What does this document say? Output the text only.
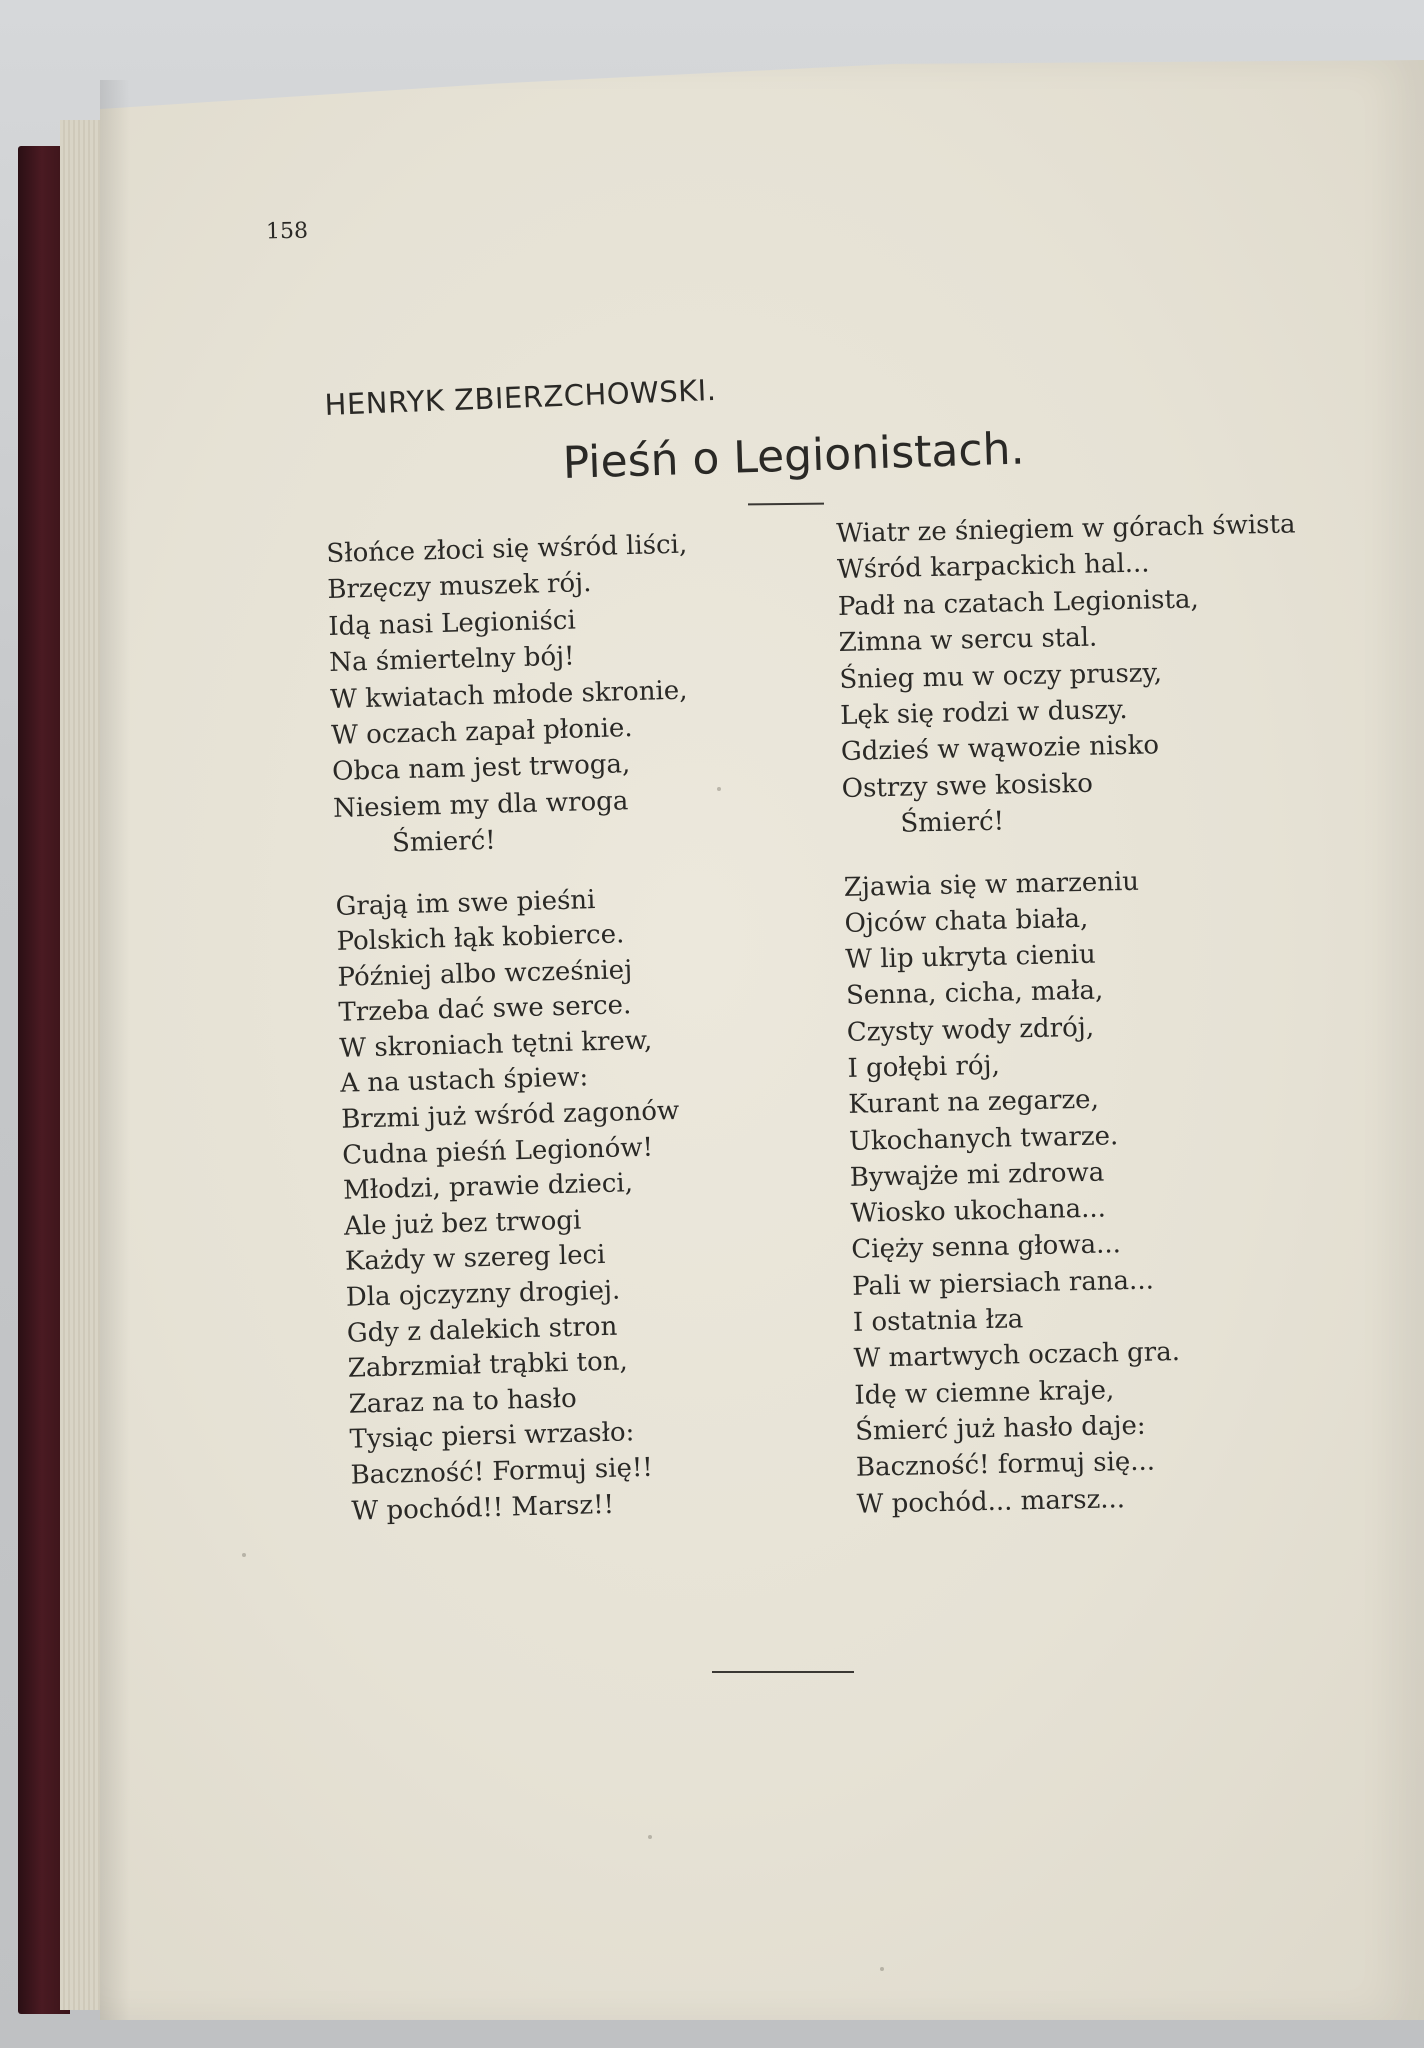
158
HENRYK ZBIERZCHOWSKI.
Pieśń o Legionistach.
Słońce złoci się wśród liści,
Brzęczy muszek rój.
Idą nasi Legioniści
Na śmiertelny bój!
W kwiatach młode skronie,
W oczach zapał płonie.
Obca nam jest trwoga,
Niesiem my dla wroga
Śmierć!
Grają im swe pieśni
Polskich łąk kobierce.
Później albo wcześniej
Trzeba dać swe serce.
W skroniach tętni krew,
A na ustach śpiew:
Brzmi już wśród zagonów
Cudna pieśń Legionów!
Młodzi, prawie dzieci,
Ale już bez trwogi
Każdy w szereg leci
Dla ojczyzny drogiej.
Gdy z dalekich stron
Zabrzmiał trąbki ton,
Zaraz na to hasło
Tysiąc piersi wrzasło:
Baczność! Formuj się!!
W pochód!! Marsz!!
Wiatr ze śniegiem w górach śwista
Wśród karpackich hal...
Padł na czatach Legionista,
Zimna w sercu stal.
Śnieg mu w oczy pruszy,
Lęk się rodzi w duszy.
Gdzieś w wąwozie nisko
Ostrzy swe kosisko
Śmierć!
Zjawia się w marzeniu
Ojców chata biała,
W lip ukryta cieniu
Senna, cicha, mała,
Czysty wody zdrój,
I gołębi rój,
Kurant na zegarze,
Ukochanych twarze.
Bywajże mi zdrowa
Wiosko ukochana...
Cięży senna głowa...
Pali w piersiach rana...
I ostatnia łza
W martwych oczach gra.
Idę w ciemne kraje,
Śmierć już hasło daje:
Baczność! formuj się...
W pochód... marsz...
